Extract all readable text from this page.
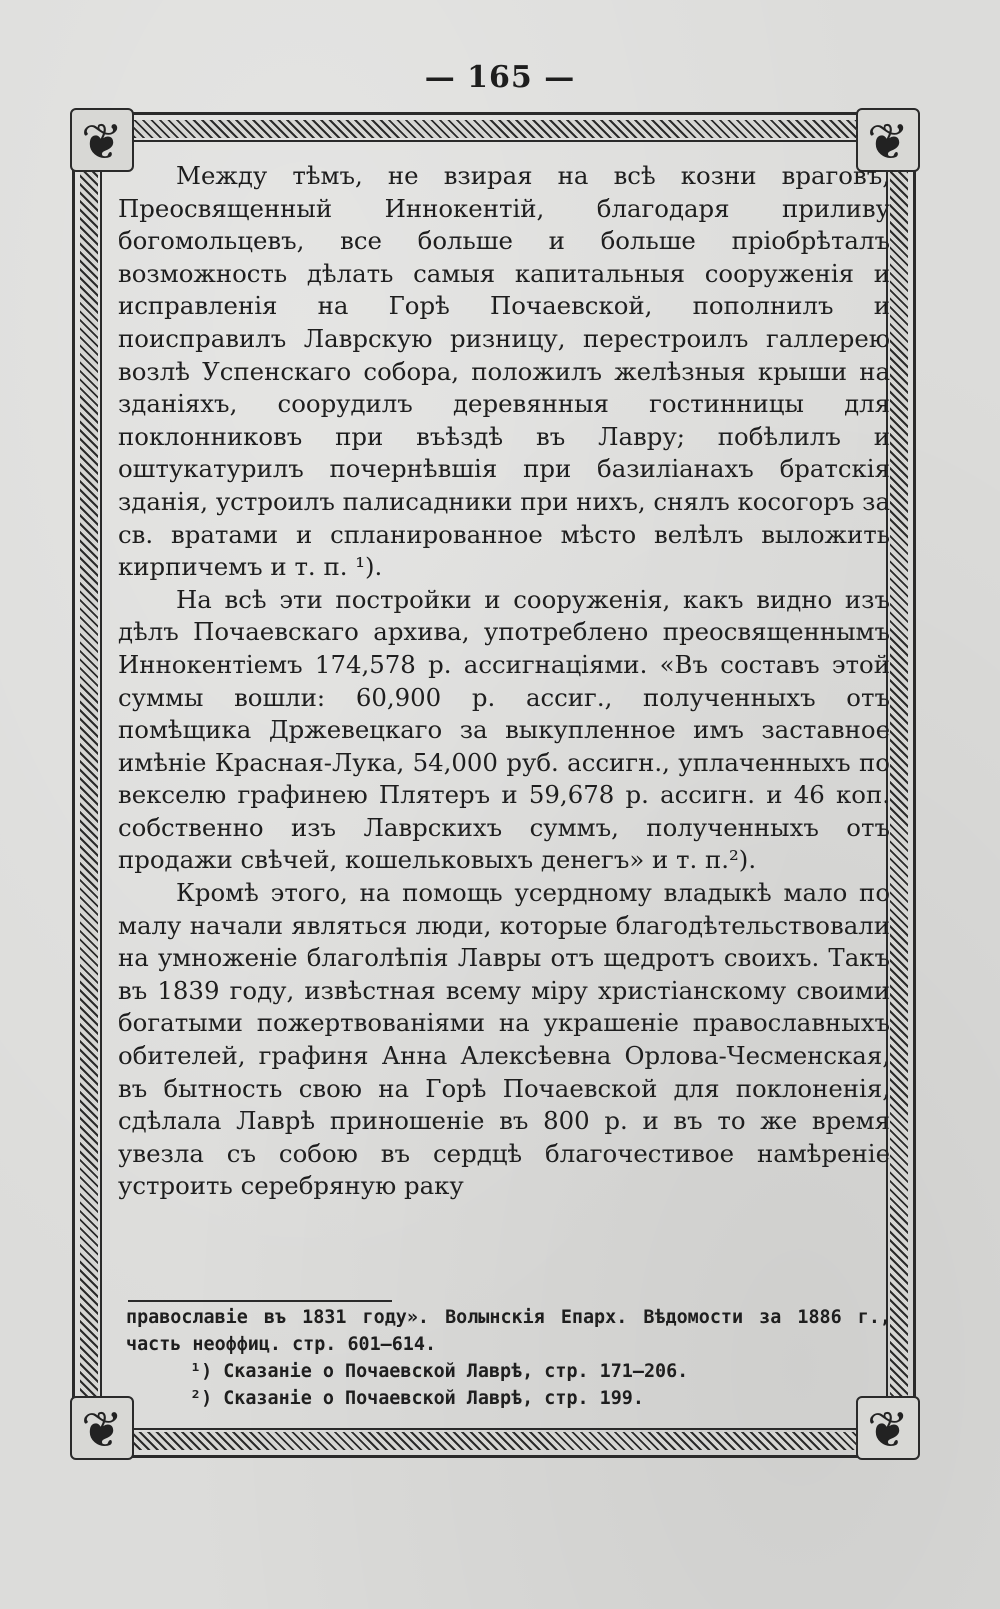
— 165 —
❦	❦
❦	❦

Между тѣмъ, не взирая на всѣ козни враговъ, Преосвященный Иннокентій, благодаря приливу богомольцевъ, все больше и больше пріобрѣталъ возможность дѣлать самыя капитальныя сооруженія и исправленія на Горѣ Почаевской, пополнилъ и поисправилъ Лаврскую ризницу, перестроилъ галлерею возлѣ Успенскаго собора, положилъ желѣзныя крыши на зданіяхъ, соорудилъ деревянныя гостинницы для поклонниковъ при въѣздѣ въ Лавру; побѣлилъ и оштукатурилъ почернѣвшія при базиліанахъ братскія зданія, устроилъ палисадники при нихъ, снялъ косогоръ за св. вратами и спланированное мѣсто велѣлъ выложить кирпичемъ и т. п. ¹).

На всѣ эти постройки и сооруженія, какъ видно изъ дѣлъ Почаевскаго архива, употреблено преосвященнымъ Иннокентіемъ 174,578 р. ассигнаціями. «Въ составъ этой суммы вошли: 60,900 р. ассиг., полученныхъ отъ помѣщика Држевецкаго за выкупленное имъ заставное имѣніе Красная-Лука, 54,000 руб. ассигн., уплаченныхъ по векселю графинею Плятеръ и 59,678 р. ассигн. и 46 коп. собственно изъ Лаврскихъ суммъ, полученныхъ отъ продажи свѣчей, кошельковыхъ денегъ» и т. п.²).

Кромѣ этого, на помощь усердному владыкѣ мало по малу начали являться люди, которые благодѣтельствовали на умноженіе благолѣпія Лавры отъ щедротъ своихъ. Такъ въ 1839 году, извѣстная всему міру христіанскому своими богатыми пожертвованіями на украшеніе православныхъ обителей, графиня Анна Алексѣевна Орлова-Чесменская, въ бытность свою на Горѣ Почаевской для поклоненія, сдѣлала Лаврѣ приношеніе въ 800 р. и въ то же время увезла съ собою въ сердцѣ благочестивое намѣреніе устроить серебряную раку

православіе въ 1831 году». Волынскія Епарх. Вѣдомости за 1886 г., часть неоффиц. стр. 601—614.

¹) Сказаніе о Почаевской Лаврѣ, стр. 171—206.

²) Сказаніе о Почаевской Лаврѣ, стр. 199.
